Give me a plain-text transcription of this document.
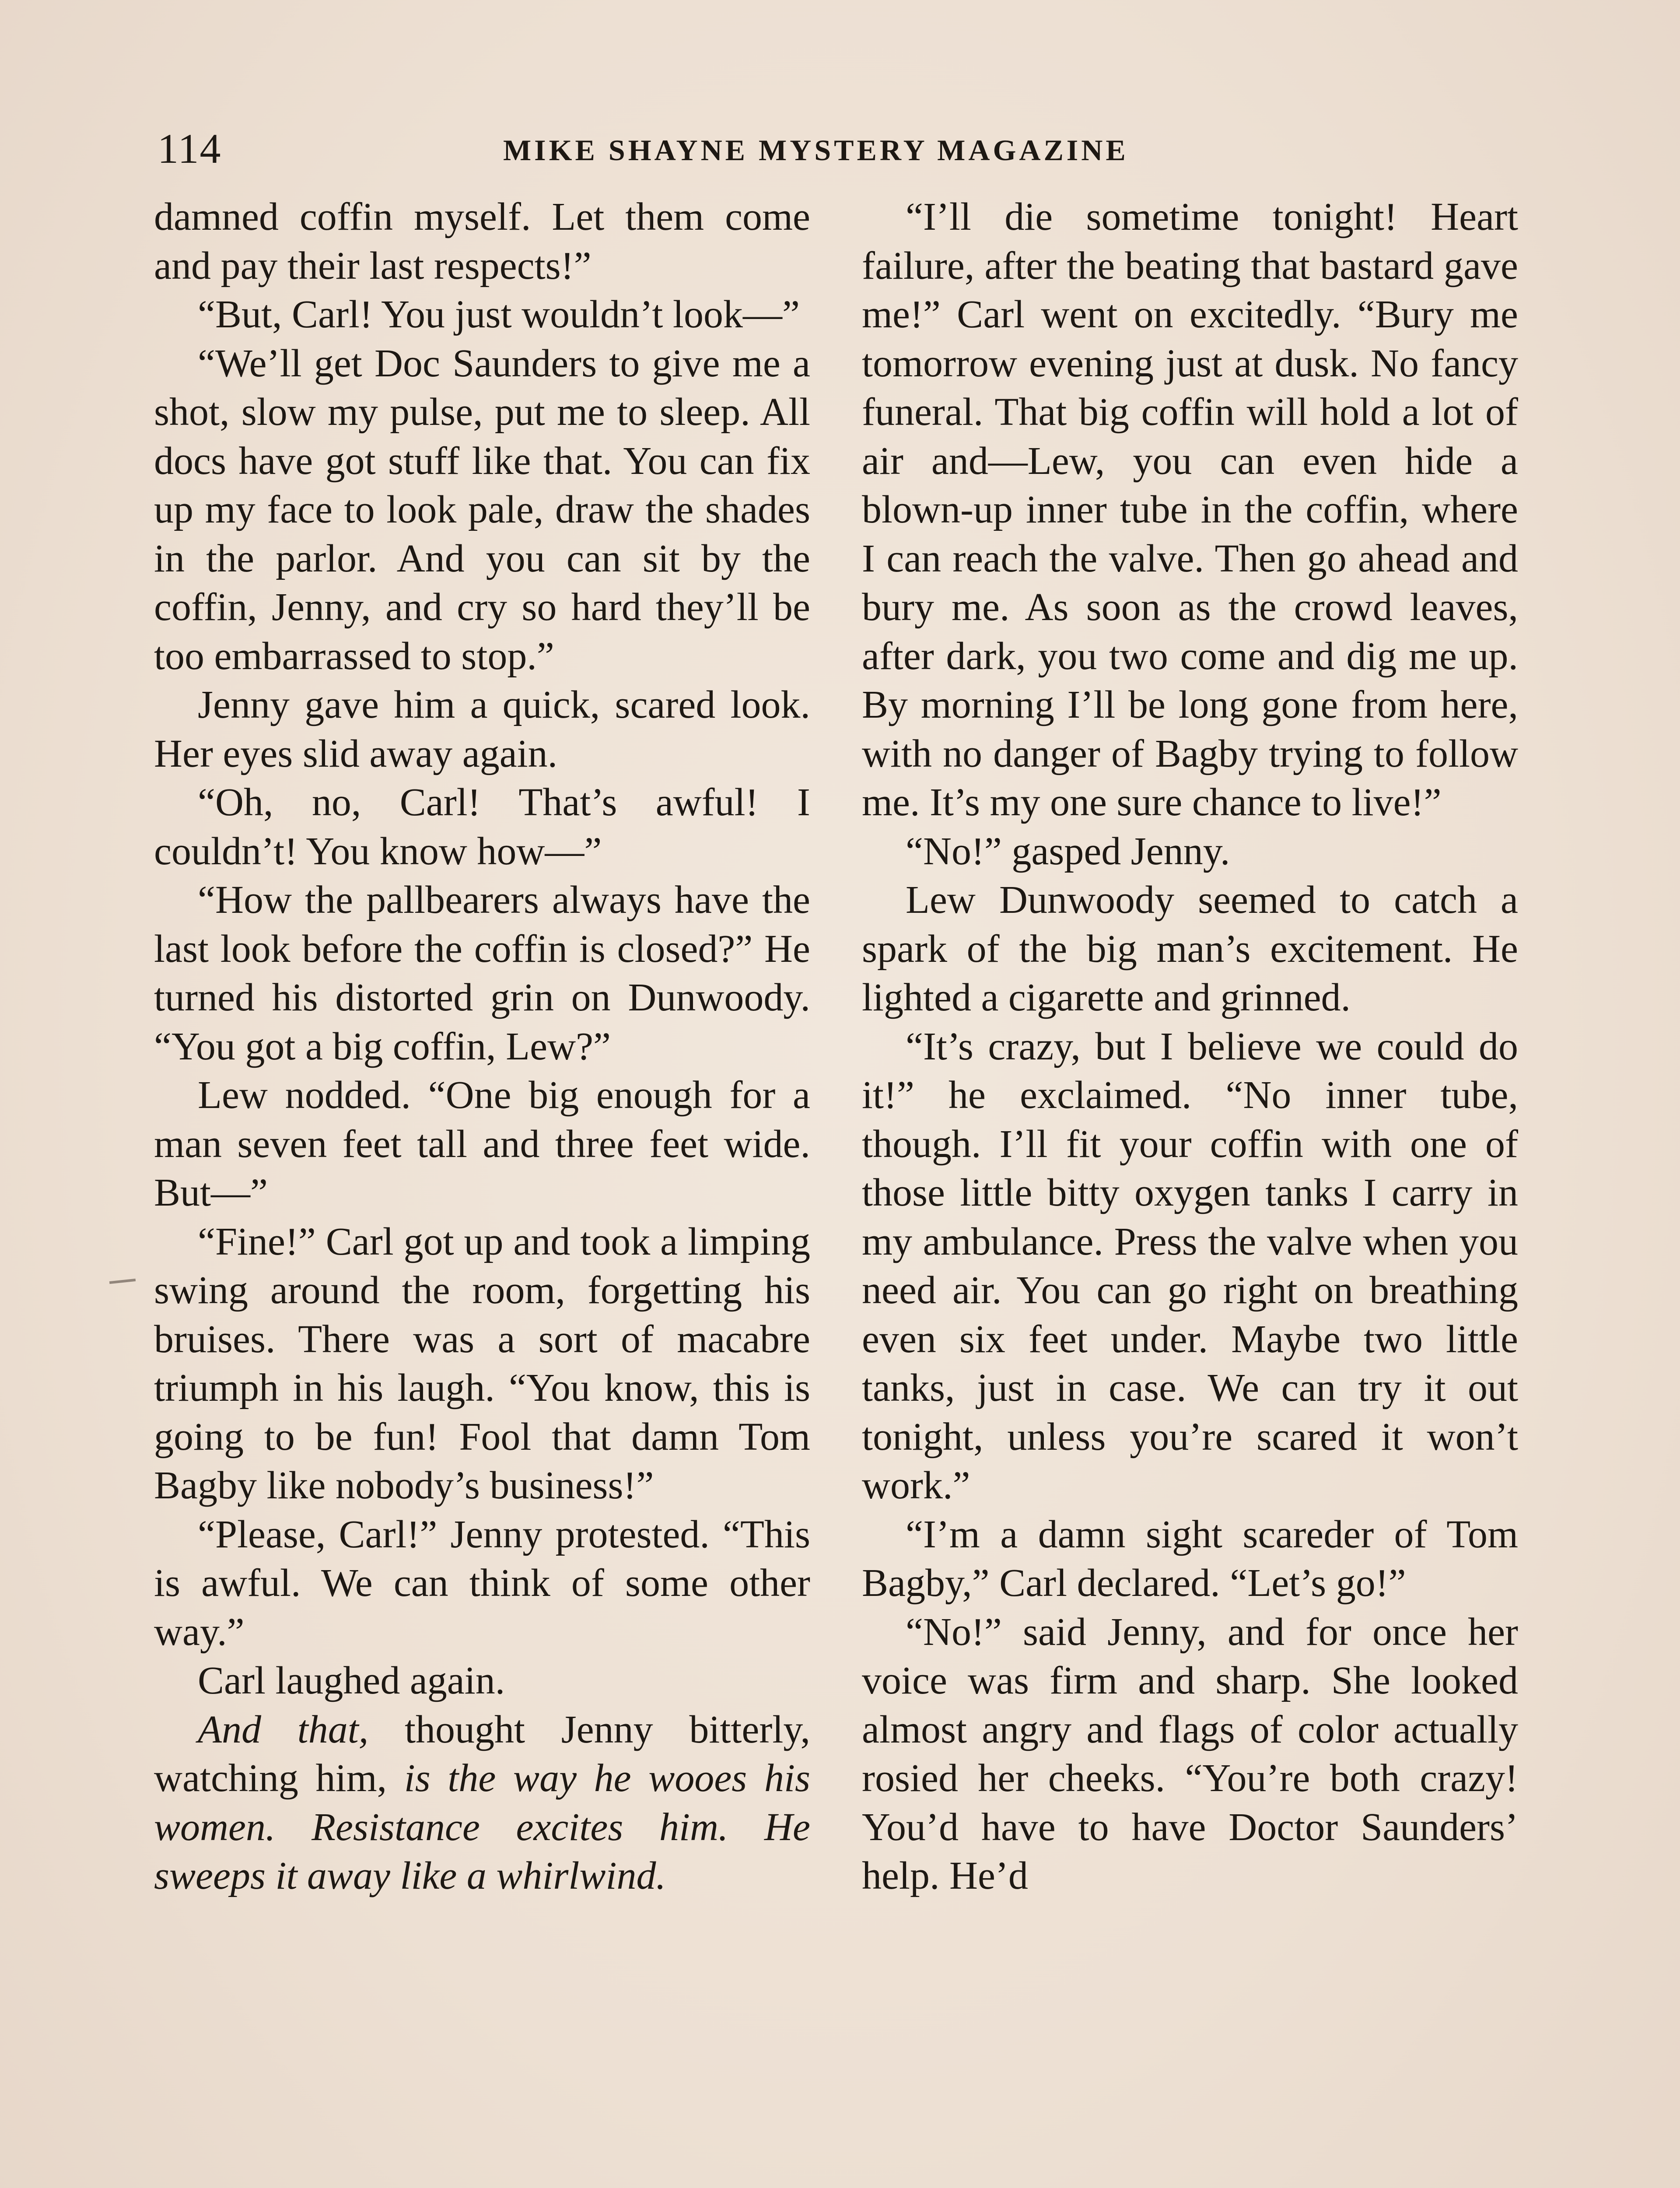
114	MIKE SHAYNE MYSTERY MAGAZINE

damned coffin myself. Let them come and pay their last respects!”

“But, Carl! You just wouldn’t look—”

“We’ll get Doc Saunders to give me a shot, slow my pulse, put me to sleep. All docs have got stuff like that. You can fix up my face to look pale, draw the shades in the parlor. And you can sit by the coffin, Jenny, and cry so hard they’ll be too embarrassed to stop.”

Jenny gave him a quick, scared look. Her eyes slid away again.

“Oh, no, Carl! That’s awful! I couldn’t! You know how—”

“How the pallbearers always have the last look before the coffin is closed?” He turned his distorted grin on Dunwoody. “You got a big coffin, Lew?”

Lew nodded. “One big enough for a man seven feet tall and three feet wide. But—”

“Fine!” Carl got up and took a limping swing around the room, forgetting his bruises. There was a sort of macabre triumph in his laugh. “You know, this is going to be fun! Fool that damn Tom Bagby like nobody’s business!”

“Please, Carl!” Jenny protested. “This is awful. We can think of some other way.”

Carl laughed again.

And that, thought Jenny bitterly, watching him, is the way he wooes his women. Resistance excites him. He sweeps it away like a whirlwind.

“I’ll die sometime tonight! Heart failure, after the beating that bastard gave me!” Carl went on excitedly. “Bury me tomorrow evening just at dusk. No fancy funeral. That big coffin will hold a lot of air and—Lew, you can even hide a blown-up inner tube in the coffin, where I can reach the valve. Then go ahead and bury me. As soon as the crowd leaves, after dark, you two come and dig me up. By morning I’ll be long gone from here, with no danger of Bagby trying to follow me. It’s my one sure chance to live!”

“No!” gasped Jenny.

Lew Dunwoody seemed to catch a spark of the big man’s excitement. He lighted a cigarette and grinned.

“It’s crazy, but I believe we could do it!” he exclaimed. “No inner tube, though. I’ll fit your coffin with one of those little bitty oxygen tanks I carry in my ambulance. Press the valve when you need air. You can go right on breathing even six feet under. Maybe two little tanks, just in case. We can try it out tonight, unless you’re scared it won’t work.”

“I’m a damn sight scareder of Tom Bagby,” Carl declared. “Let’s go!”

“No!” said Jenny, and for once her voice was firm and sharp. She looked almost angry and flags of color actually rosied her cheeks. “You’re both crazy! You’d have to have Doctor Saunders’ help. He’d
